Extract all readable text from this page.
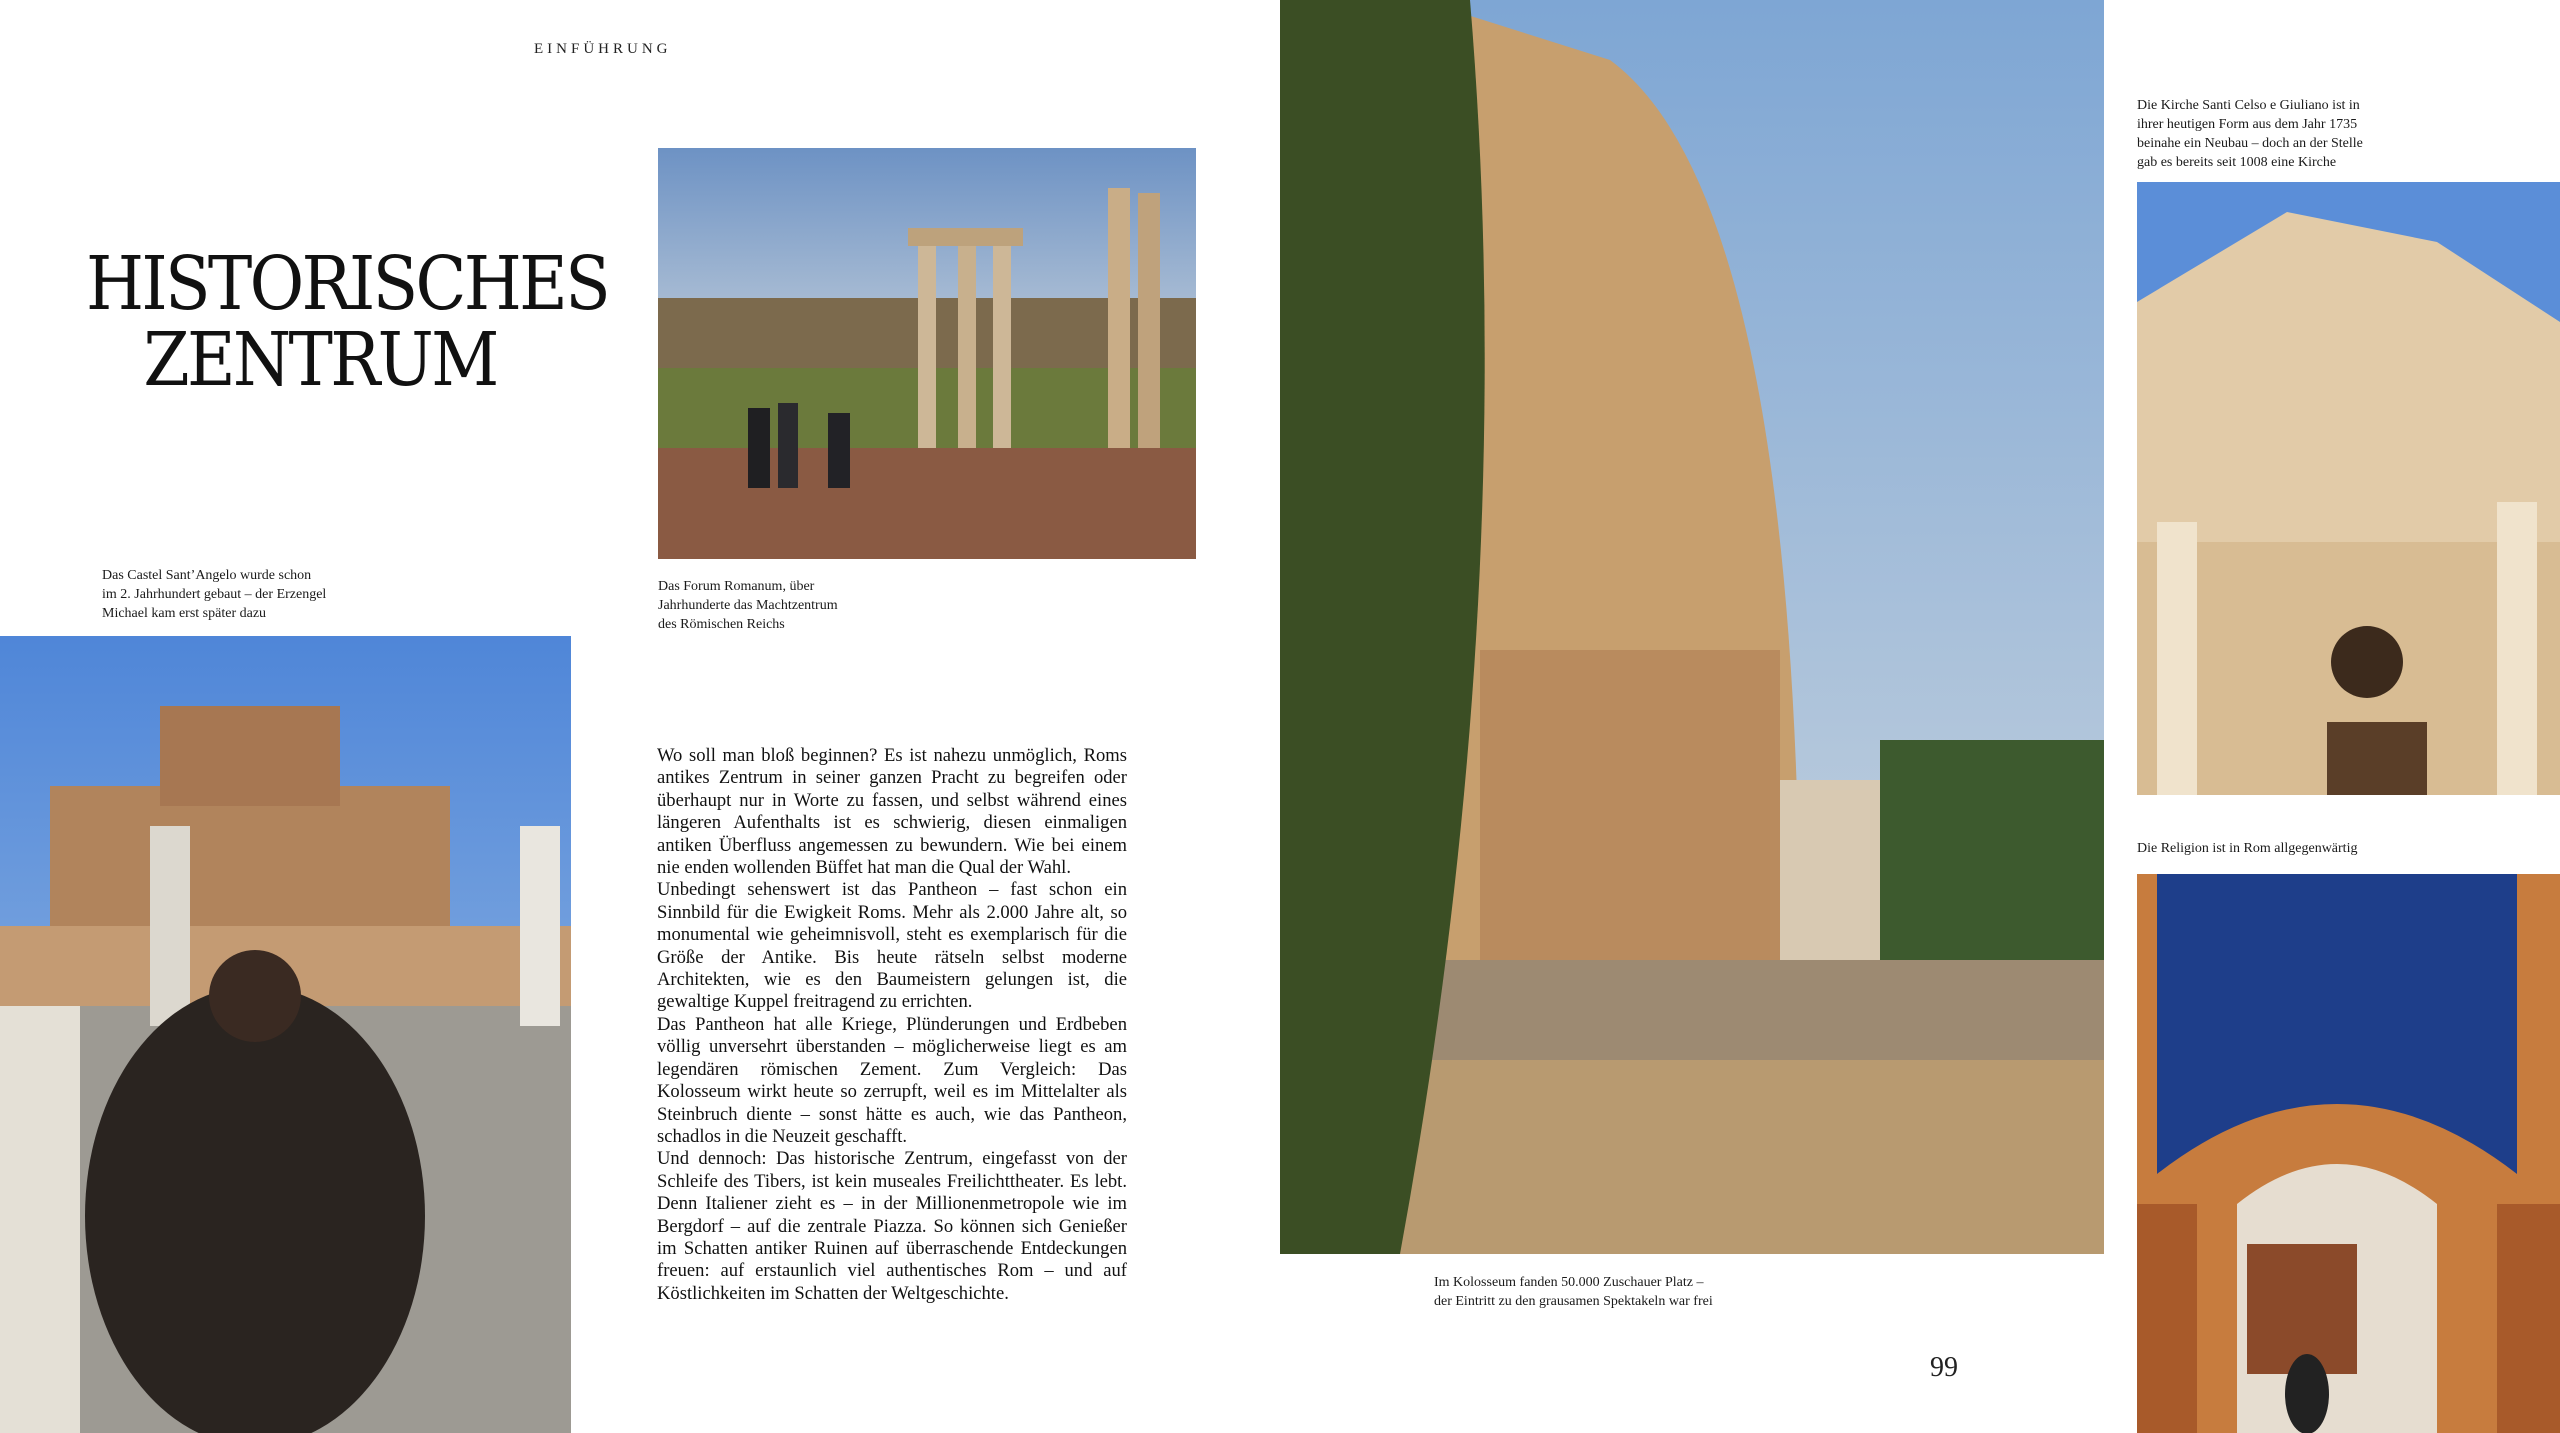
EINFÜHRUNG
HISTORISCHES
ZENTRUM
Das Castel Sant’Angelo wurde schon
im 2. Jahrhundert gebaut – der Erzengel
Michael kam erst später dazu
Das Forum Romanum, über
Jahrhunderte das Machtzentrum
des Römischen Reichs
Im Kolosseum fanden 50.000 Zuschauer Platz –
der Eintritt zu den grausamen Spektakeln war frei
Die Kirche Santi Celso e Giuliano ist in
ihrer heutigen Form aus dem Jahr 1735
beinahe ein Neubau – doch an der Stelle
gab es bereits seit 1008 eine Kirche
Die Religion ist in Rom allgegenwärtig

Wo soll man bloß beginnen? Es ist nahezu unmöglich, Roms antikes Zentrum in seiner ganzen Pracht zu begreifen oder überhaupt nur in Worte zu fassen, und selbst während eines längeren Aufenthalts ist es schwierig, diesen einmaligen antiken Überfluss angemessen zu bewundern. Wie bei einem nie enden wollenden Büffet hat man die Qual der Wahl.

Unbedingt sehenswert ist das Pantheon – fast schon ein Sinnbild für die Ewigkeit Roms. Mehr als 2.000 Jahre alt, so monumental wie geheimnisvoll, steht es exemplarisch für die Größe der Antike. Bis heute rätseln selbst moderne Architekten, wie es den Baumeistern gelungen ist, die gewaltige Kuppel freitragend zu errichten.

Das Pantheon hat alle Kriege, Plünderungen und Erdbeben völlig unversehrt überstanden – möglicherweise liegt es am legendären römischen Zement. Zum Vergleich: Das Kolosseum wirkt heute so zerrupft, weil es im Mittelalter als Steinbruch diente – sonst hätte es auch, wie das Pantheon, schadlos in die Neuzeit geschafft.

Und dennoch: Das historische Zentrum, eingefasst von der Schleife des Tibers, ist kein museales Freilichttheater. Es lebt. Denn Italiener zieht es – in der Millionenmetropole wie im Bergdorf – auf die zentrale Piazza. So können sich Genießer im Schatten antiker Ruinen auf überraschende Entdeckungen freuen: auf erstaunlich viel authentisches Rom – und auf Köstlichkeiten im Schatten der Weltgeschichte.

99
